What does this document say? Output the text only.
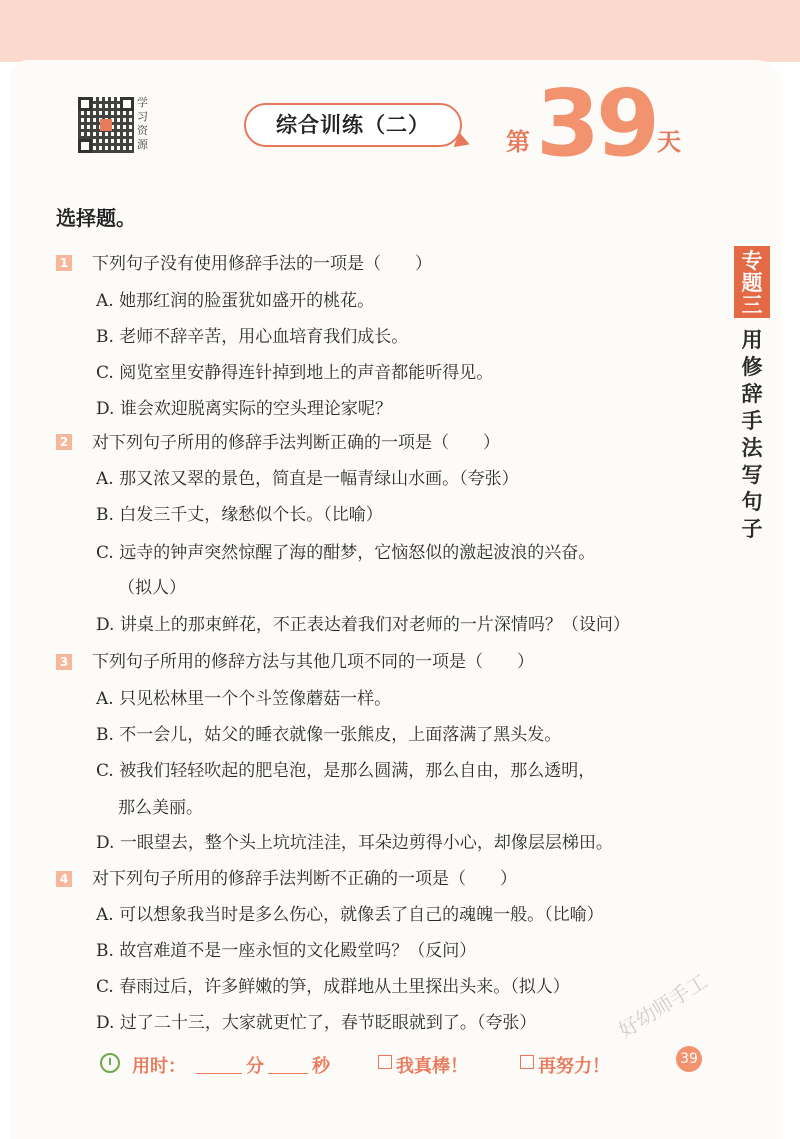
学习资源
综合训练（二）
第 39 天
专题三
用修辞手法写句子
选择题。
1 下列句子没有使用修辞手法的一项是（　　）
A. 她那红润的脸蛋犹如盛开的桃花。
B. 老师不辞辛苦，用心血培育我们成长。
C. 阅览室里安静得连针掉到地上的声音都能听得见。
D. 谁会欢迎脱离实际的空头理论家呢？
2 对下列句子所用的修辞手法判断正确的一项是（　　）
A. 那又浓又翠的景色，简直是一幅青绿山水画。（夸张）
B. 白发三千丈，缘愁似个长。（比喻）
C. 远寺的钟声突然惊醒了海的酣梦，它恼怒似的激起波浪的兴奋。
（拟人）
D. 讲桌上的那束鲜花，不正表达着我们对老师的一片深情吗？（设问）
3 下列句子所用的修辞方法与其他几项不同的一项是（　　）
A. 只见松林里一个个斗笠像蘑菇一样。
B. 不一会儿，姑父的睡衣就像一张熊皮，上面落满了黑头发。
C. 被我们轻轻吹起的肥皂泡，是那么圆满，那么自由，那么透明，
那么美丽。
D. 一眼望去，整个头上坑坑洼洼，耳朵边剪得小心，却像层层梯田。
4 对下列句子所用的修辞手法判断不正确的一项是（　　）
A. 可以想象我当时是多么伤心，就像丢了自己的魂魄一般。（比喻）
B. 故宫难道不是一座永恒的文化殿堂吗？（反问）
C. 春雨过后，许多鲜嫩的笋，成群地从土里探出头来。（拟人）
D. 过了二十三，大家就更忙了，春节眨眼就到了。（夸张）	好幼师手工
用时：	分	秒	我真棒！	再努力！	39
